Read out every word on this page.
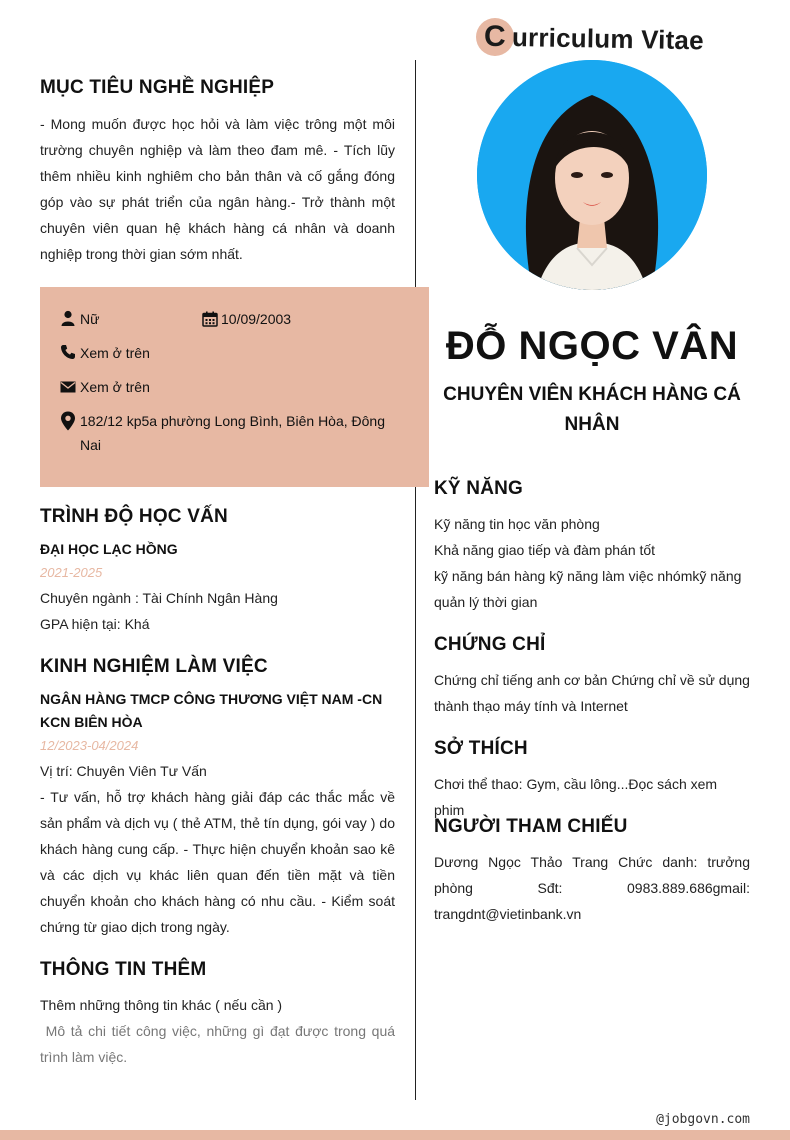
C urriculum Vitae
MỤC TIÊU NGHỀ NGHIỆP
- Mong muốn được học hỏi và làm việc trông một môi trường chuyên nghiệp và làm theo đam mê. - Tích lũy thêm nhiều kinh nghiêm cho bản thân và cố gắng đóng góp vào sự phát triển của ngân hàng.- Trở thành một chuyên viên quan hệ khách hàng cá nhân và doanh nghiệp trong thời gian sớm nhất.
Nữ	10/09/2003
Xem ở trên
Xem ở trên
182/12 kp5a phường Long Bình, Biên Hòa, Đông
Nai
TRÌNH ĐỘ HỌC VẤN
ĐẠI HỌC LẠC HỒNG
2021-2025
Chuyên ngành : Tài Chính Ngân Hàng
GPA hiện tại: Khá
KINH NGHIỆM LÀM VIỆC
NGÂN HÀNG TMCP CÔNG THƯƠNG VIỆT NAM -CN KCN BIÊN HÒA
12/2023-04/2024
Vị trí: Chuyên Viên Tư Vấn
- Tư vấn, hỗ trợ khách hàng giải đáp các thắc mắc về sản phẩm và dịch vụ ( thẻ ATM, thẻ tín dụng, gói vay ) do khách hàng cung cấp. - Thực hiện chuyển khoản sao kê và các dịch vụ khác liên quan đến tiền mặt và tiền chuyển khoản cho khách hàng có nhu cầu. - Kiểm soát chứng từ giao dịch trong ngày.
THÔNG TIN THÊM
Thêm những thông tin khác ( nếu cần )
Mô tả chi tiết công việc, những gì đạt được trong quá trình làm việc.
ĐỖ NGỌC VÂN
CHUYÊN VIÊN KHÁCH HÀNG CÁ NHÂN
KỸ NĂNG
Kỹ năng tin học văn phòng
Khả năng giao tiếp và đàm phán tốt
kỹ năng bán hàng kỹ năng làm việc nhómkỹ năng quản lý thời gian
CHỨNG CHỈ
Chứng chỉ tiếng anh cơ bản Chứng chỉ về sử dụng thành thạo máy tính và Internet
SỞ THÍCH
Chơi thể thao: Gym, cầu lông...Đọc sách xem phim
NGƯỜI THAM CHIẾU
Dương Ngọc Thảo Trang Chức danh: trưởng phòng Sđt: 0983.889.686gmail: trangdnt@vietinbank.vn
@jobgovn.com
